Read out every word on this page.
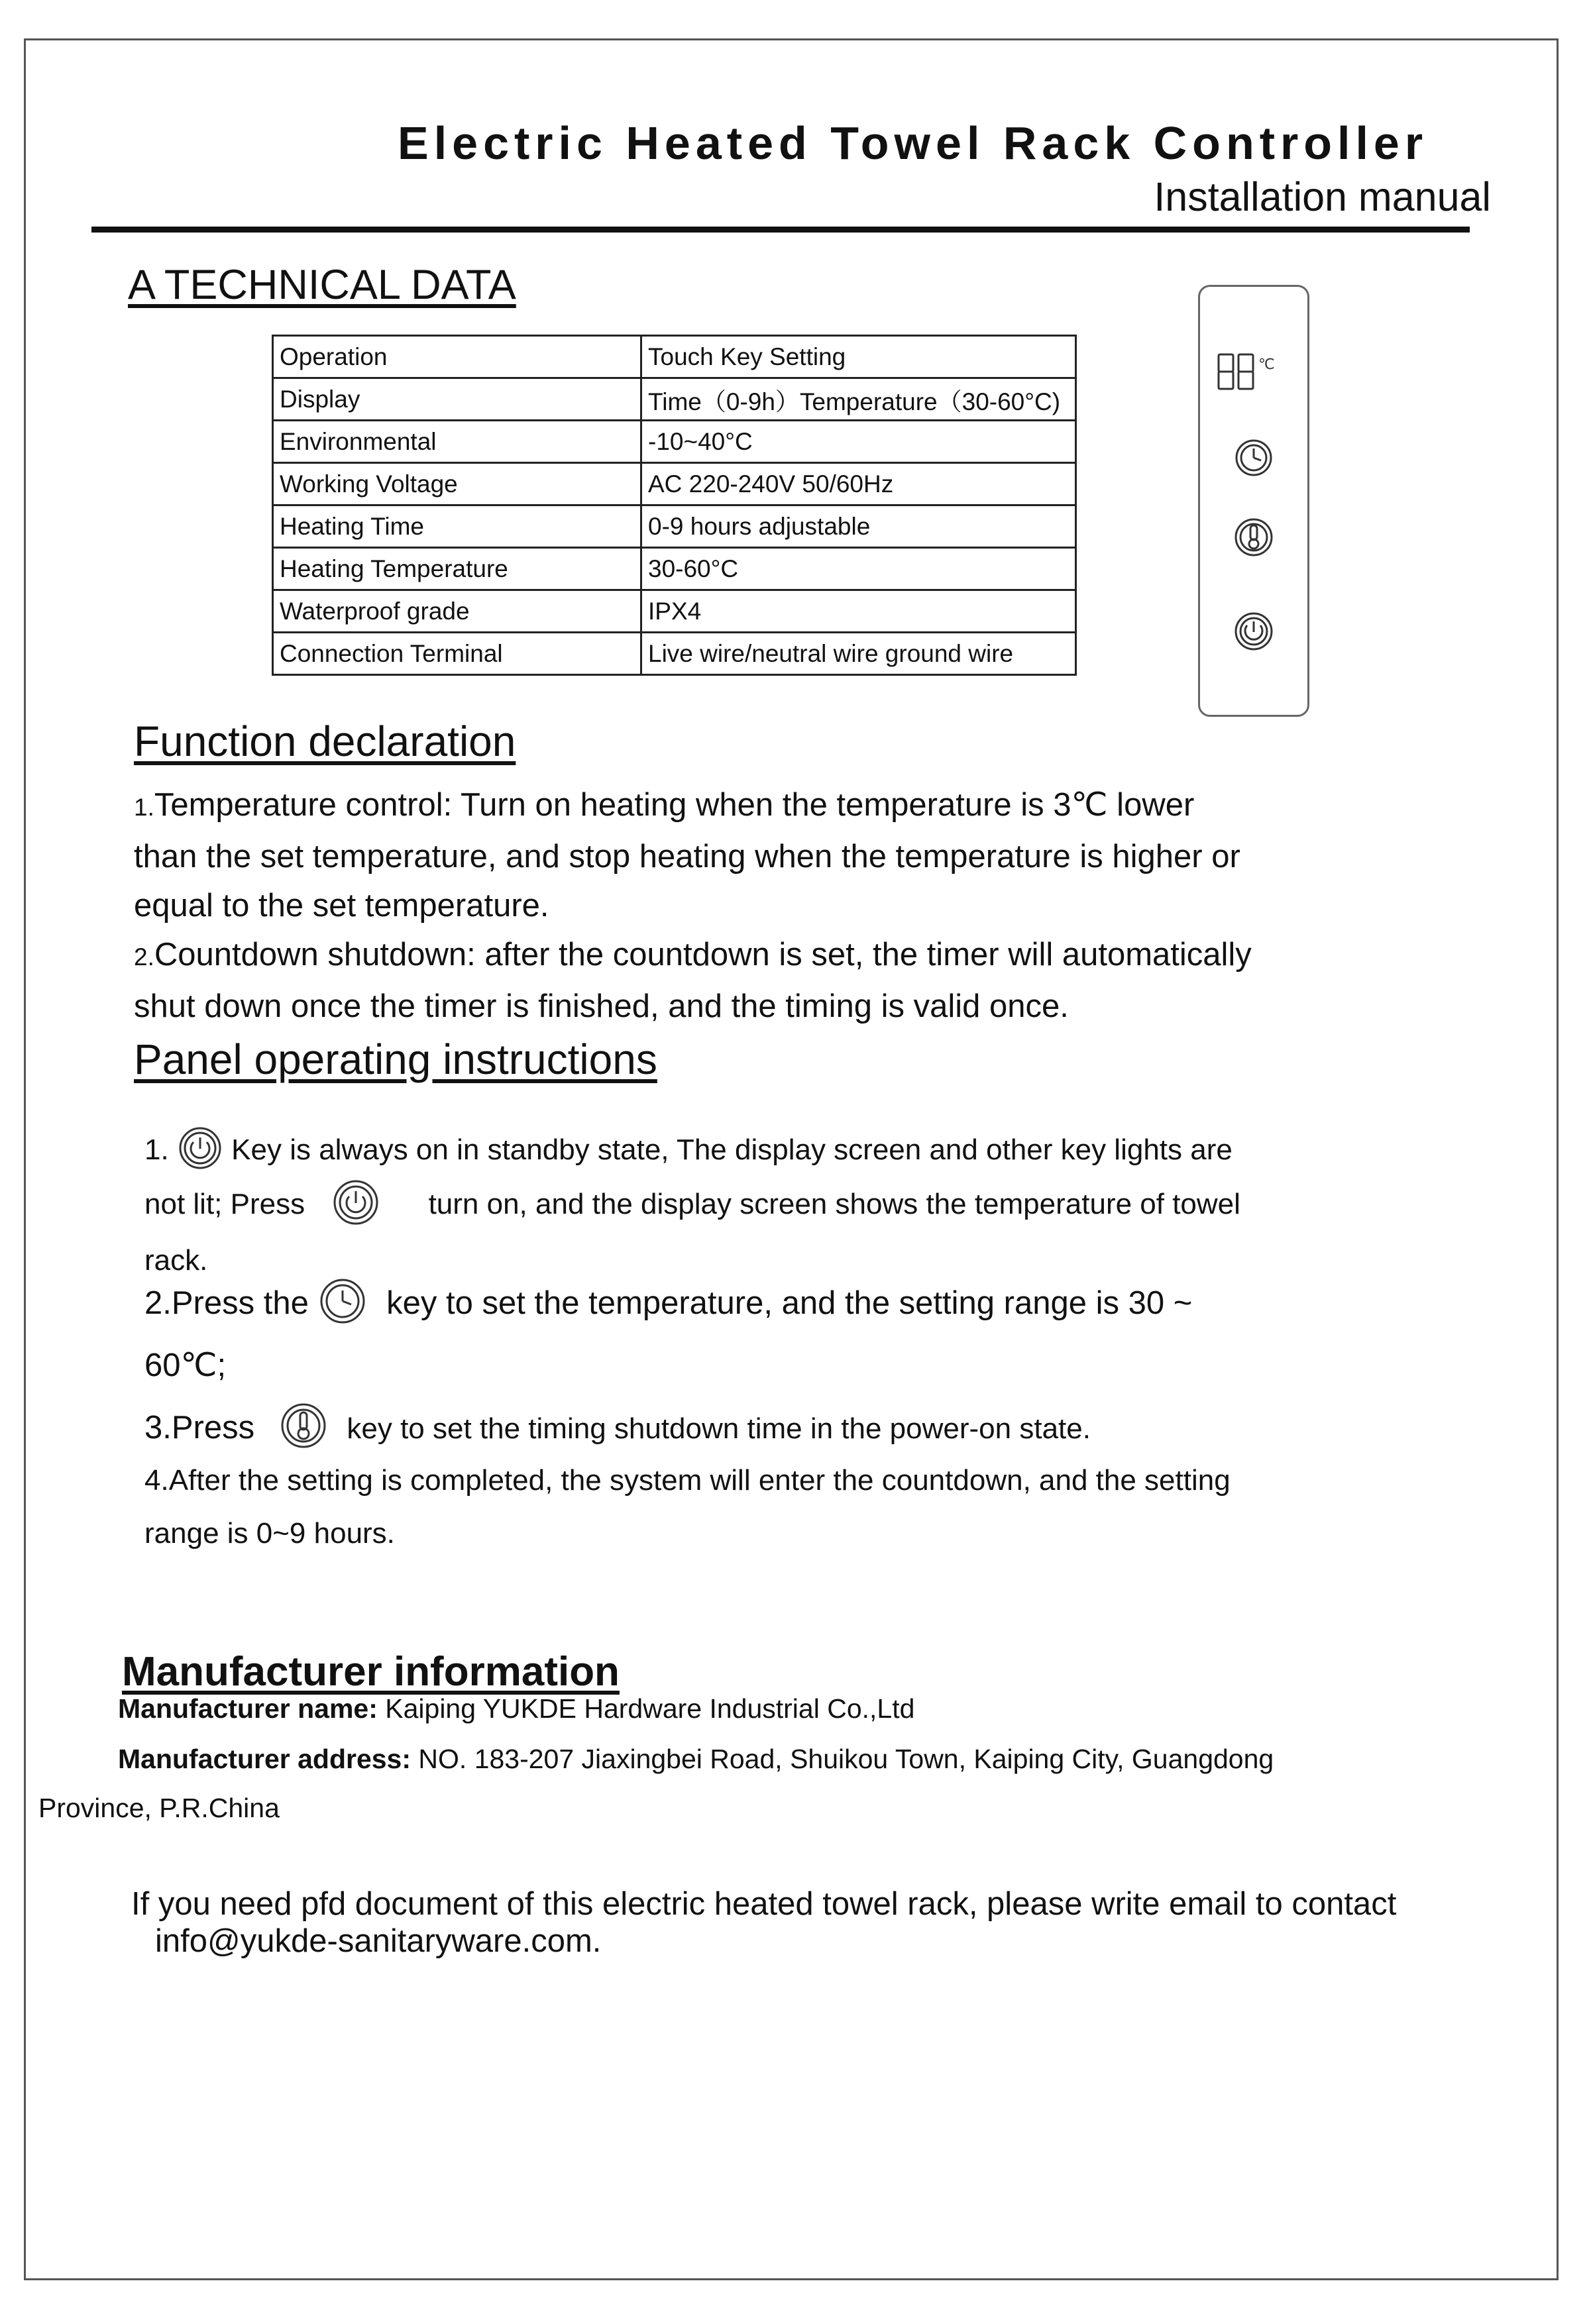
Electric Heated Towel Rack Controller
Installation manual
A TECHNICAL DATA
Operation	Touch Key Setting
Display	Time（0-9h）Temperature（30-60°C)
Environmental	-10~40°C
Working Voltage	AC 220-240V 50/60Hz
Heating Time	0-9 hours adjustable
Heating Temperature	30-60°C
Waterproof grade	IPX4
Connection Terminal	Live wire/neutral wire ground wire
℃
Function declaration
1.Temperature control: Turn on heating when the temperature is 3℃ lower
than the set temperature, and stop heating when the temperature is higher or
equal to the set temperature.
2.Countdown shutdown: after the countdown is set, the timer will automatically
shut down once the timer is finished, and the timing is valid once.
Panel operating instructions
1. Key is always on in standby state, The display screen and other key lights are
not lit; Press	turn on, and the display screen shows the temperature of towel
rack.
2.Press the key to set the temperature, and the setting range is 30 ~
60℃;
3.Press	key to set the timing shutdown time in the power-on state.
4.After the setting is completed, the system will enter the countdown, and the setting
range is 0~9 hours.
Manufacturer information
Manufacturer name: Kaiping YUKDE Hardware Industrial Co.,Ltd
Manufacturer address: NO. 183-207 Jiaxingbei Road, Shuikou Town, Kaiping City, Guangdong
Province, P.R.China
If you need pfd document of this electric heated towel rack, please write email to contact
info@yukde-sanitaryware.com.
